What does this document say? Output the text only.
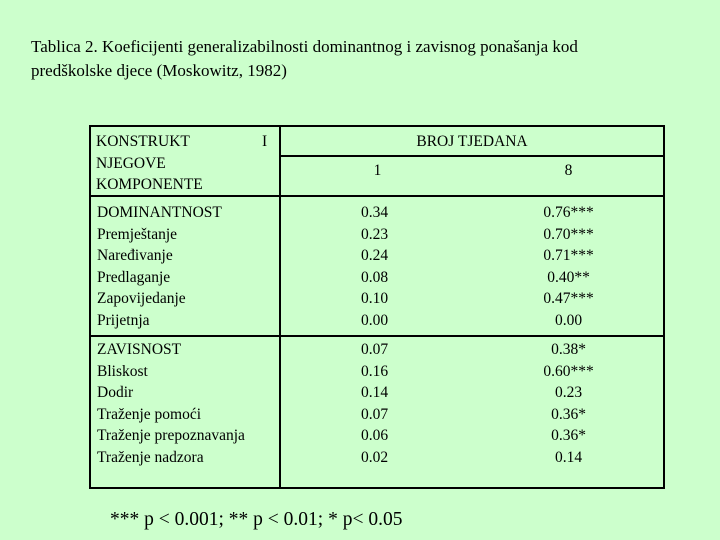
Tablica 2. Koeficijenti generalizabilnosti dominantnog i zavisnog ponašanja kod
predškolske djece (Moskowitz, 1982)
KONSTRUKT	I
NJEGOVE
KOMPONENTE
BROJ TJEDANA
1	8
DOMINANTNOST
Premještanje
Naređivanje
Predlaganje
Zapovijedanje
Prijetnja
0.34
0.23
0.24
0.08
0.10
0.00
0.76***
0.70***
0.71***
0.40**
0.47***
0.00
ZAVISNOST
Bliskost
Dodir
Traženje pomoći
Traženje prepoznavanja
Traženje nadzora
0.07
0.16
0.14
0.07
0.06
0.02
0.38*
0.60***
0.23
0.36*
0.36*
0.14
*** p < 0.001; ** p < 0.01; * p< 0.05
